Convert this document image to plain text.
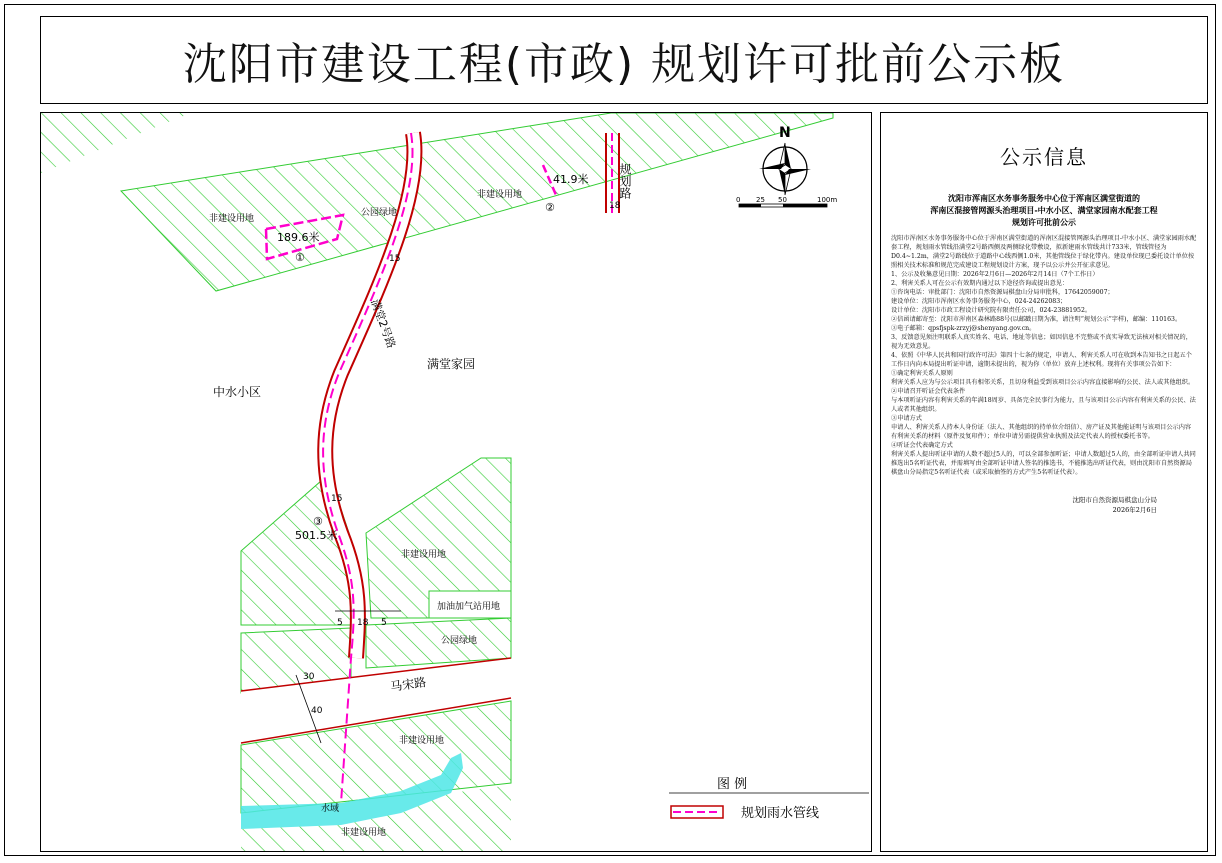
沈阳市建设工程(市政) 规划许可批前公示板
非建设用地
公园绿地
非建设用地
189.6米
①
41.9米
②
501.5米
③
规划路
18
满堂2号路
15
15
中水小区
满堂家园
非建设用地
加油加气站用地
公园绿地
马宋路
30
40
5 18 5
非建设用地
水域
非建设用地
N
0 25 50	100m
图 例
规划雨水管线
公示信息
沈阳市浑南区水务事务服务中心位于浑南区满堂街道的
浑南区混接管网源头治理项目-中水小区、满堂家园南水配套工程
规划许可批前公示

沈阳市浑南区水务事务服务中心位于浑南区满堂街道的浑南区混接管网源头治理项目-中水小区、满堂家园雨水配套工程，规划雨水管线沿满堂2号路西侧及两侧绿化带敷设，拟新建雨水管线共计733米，管线管径为D0.4~1.2m，满堂2号路线位于道路中心线西侧1.0米，其他管线位于绿化带内。建设单位现已委托设计单位按照相关技术标准和规范完成建设工程规划设计方案，现予以公示并公开征求意见。

1、公示及收集意见日期：2026年2月6日—2026年2月14日（7个工作日）

2、利害关系人可在公示有效期内通过以下途径咨询或提出意见：

①咨询电话：审批部门：沈阳市自然资源局棋盘山分局审批科，17642059007；

建设单位：沈阳市浑南区水务事务服务中心，024-24262083；

设计单位：沈阳市市政工程设计研究院有限责任公司，024-23881952。

②信函请邮寄至：沈阳市浑南区森林路88号(以邮戳日期为准，请注明“规划公示”字样)，邮编：110163。

③电子邮箱：qpsfjspk-zrzyj@shenyang.gov.cn。

3、反馈意见须注明联系人真实姓名、电话、地址等信息；如因信息不完整或不真实导致无法核对相关情况的，视为无效意见。

4、依照《中华人民共和国行政许可法》第四十七条的规定，申请人、利害关系人可在收到本告知书之日起五个工作日内向本局提出听证申请，逾期未提出的，视为你（单位）放弃上述权利。现将有关事项公告如下：

①确定利害关系人原则

利害关系人应为与公示项目具有相邻关系，且切身利益受到该项目公示内容直接影响的公民、法人或其他组织。

②申请召开听证会代表条件

与本项听证内容有利害关系的年满18周岁、具备完全民事行为能力，且与该项目公示内容有利害关系的公民、法人或者其他组织。

③申请方式

申请人、利害关系人持本人身份证（法人、其他组织的持单位介绍信）、房产证及其他能证明与该项目公示内容有利害关系的材料（原件及复印件）；单位申请另需提供营业执照及法定代表人的授权委托书等。

④听证会代表确定方式

利害关系人提出听证申请的人数不超过5人的，可以全部参加听证；申请人数超过5人的，由全部听证申请人共同推选出5名听证代表，并需填写由全部听证申请人签名的推选书，不能推选出听证代表，则由沈阳市自然资源局棋盘山分局指定5名听证代表（或采取抽签的方式产生5名听证代表）。

沈阳市自然资源局棋盘山分局
2026年2月6日
